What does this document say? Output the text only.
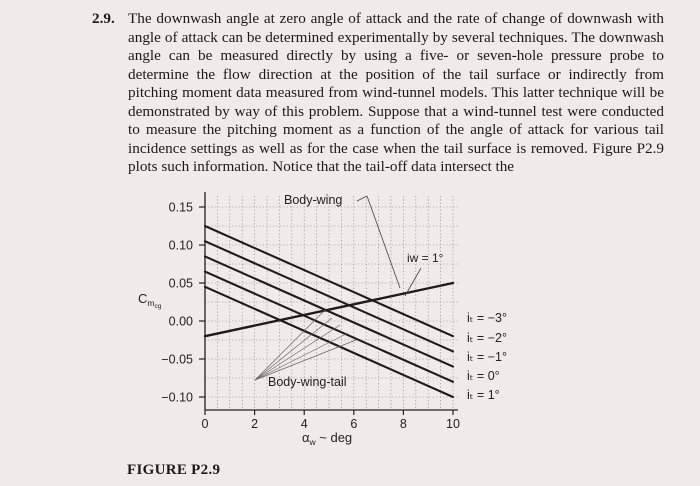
2.9. The downwash angle at zero angle of attack and the rate of change of downwash with angle of attack can be determined experimentally by several techniques. The downwash angle can be measured directly by using a five- or seven-hole pressure probe to determine the flow direction at the position of the tail surface or indirectly from pitching moment data measured from wind-tunnel models. This latter technique will be demonstrated by way of this problem. Suppose that a wind-tunnel test were conducted to measure the pitching moment as a function of the angle of attack for various tail incidence settings as well as for the case when the tail surface is removed. Figure P2.9 plots such information. Notice that the tail-off data intersect the
Body-wing
iw = 1°
Body-wing-tail
0.15
0.10
0.05
0.00
−0.05
−0.10
0	2	4	6	8	10
$C_mcg$
$\alpha_w$ ~ deg
iₜ = −3°
iₜ = −2°
iₜ = −1°
iₜ = 0°
iₜ = 1°
FIGURE P2.9
